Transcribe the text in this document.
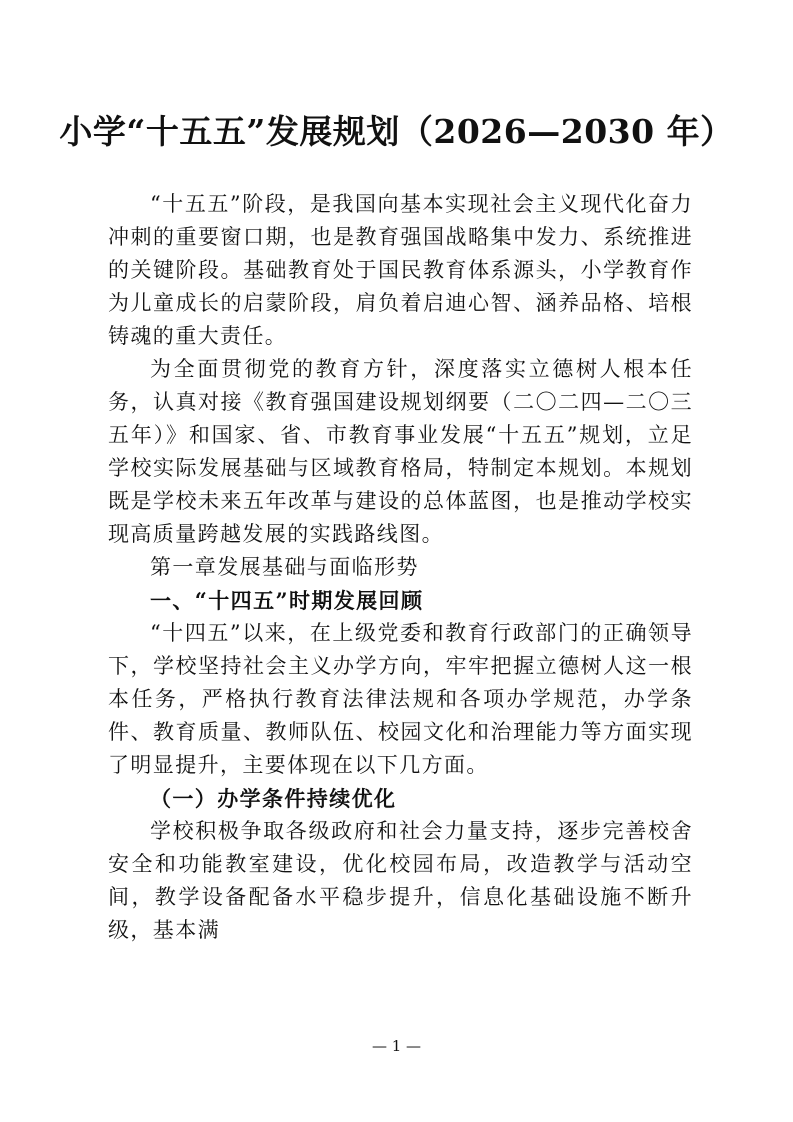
小学“十五五”发展规划（2026—2030 年）

“十五五”阶段，是我国向基本实现社会主义现代化奋力冲刺的重要窗口期，也是教育强国战略集中发力、系统推进的关键阶段。基础教育处于国民教育体系源头，小学教育作为儿童成长的启蒙阶段，肩负着启迪心智、涵养品格、培根铸魂的重大责任。

为全面贯彻党的教育方针，深度落实立德树人根本任务，认真对接《教育强国建设规划纲要（二〇二四—二〇三五年）》和国家、省、市教育事业发展“十五五”规划，立足学校实际发展基础与区域教育格局，特制定本规划。本规划既是学校未来五年改革与建设的总体蓝图，也是推动学校实现高质量跨越发展的实践路线图。

第一章发展基础与面临形势

一、“十四五”时期发展回顾

“十四五”以来，在上级党委和教育行政部门的正确领导下，学校坚持社会主义办学方向，牢牢把握立德树人这一根本任务，严格执行教育法律法规和各项办学规范，办学条件、教育质量、教师队伍、校园文化和治理能力等方面实现了明显提升，主要体现在以下几方面。

（一）办学条件持续优化

学校积极争取各级政府和社会力量支持，逐步完善校舍安全和功能教室建设，优化校园布局，改造教学与活动空间，教学设备配备水平稳步提升，信息化基础设施不断升级，基本满

— 1 —
